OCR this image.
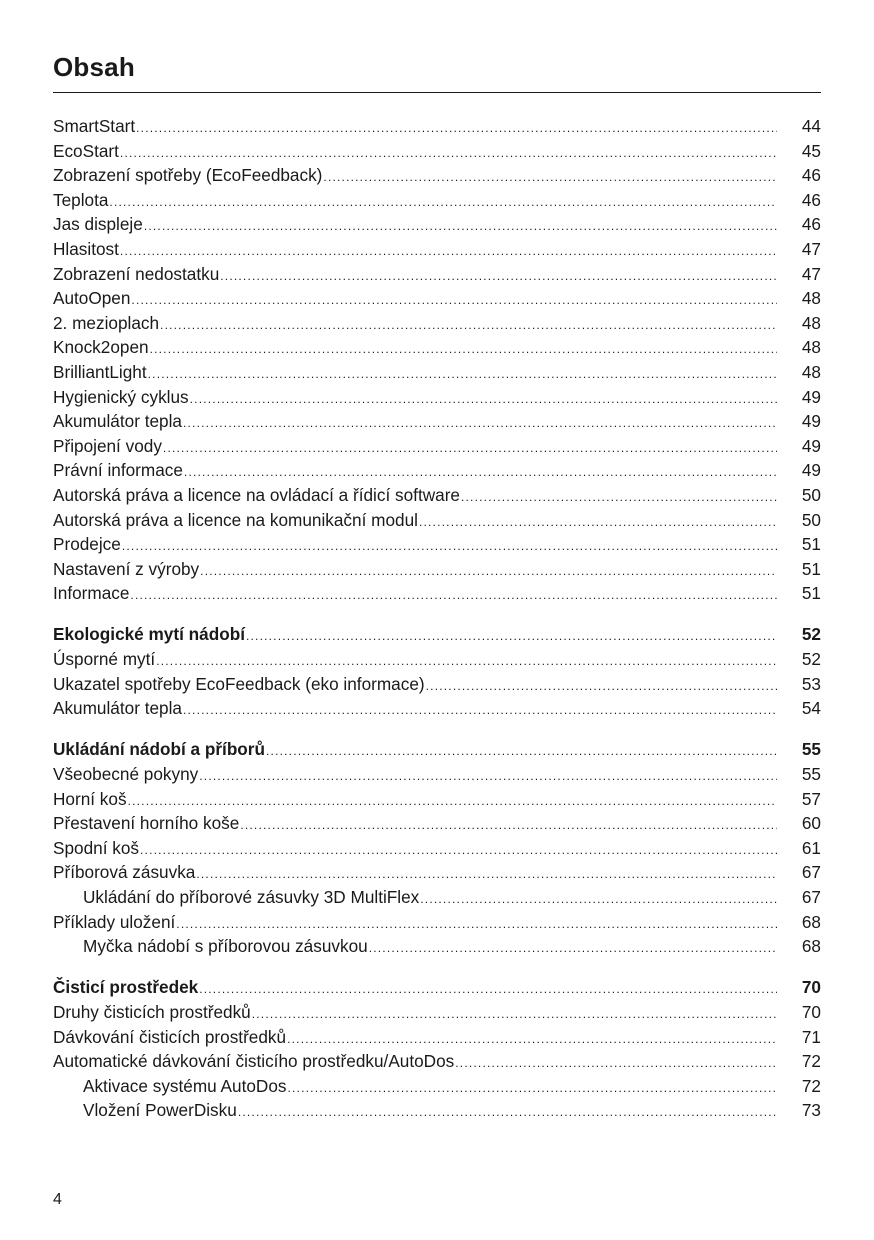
Obsah
SmartStart .....	44
EcoStart .....	45
Zobrazení spotřeby (EcoFeedback) .....	46
Teplota .....	46
Jas displeje .....	46
Hlasitost .....	47
Zobrazení nedostatku .....	47
AutoOpen .....	48
2. mezioplach .....	48
Knock2open .....	48
BrilliantLight .....	48
Hygienický cyklus .....	49
Akumulátor tepla .....	49
Připojení vody .....	49
Právní informace .....	49
Autorská práva a licence na ovládací a řídicí software .....	50
Autorská práva a licence na komunikační modul .....	50
Prodejce .....	51
Nastavení z výroby .....	51
Informace .....	51
Ekologické mytí nádobí .....	52
Úsporné mytí .....	52
Ukazatel spotřeby EcoFeedback (eko informace) .....	53
Akumulátor tepla .....	54
Ukládání nádobí a příborů .....	55
Všeobecné pokyny .....	55
Horní koš .....	57
Přestavení horního koše .....	60
Spodní koš .....	61
Příborová zásuvka .....	67
Ukládání do příborové zásuvky 3D MultiFlex .....	67
Příklady uložení .....	68
Myčka nádobí s příborovou zásuvkou .....	68
Čisticí prostředek .....	70
Druhy čisticích prostředků .....	70
Dávkování čisticích prostředků .....	71
Automatické dávkování čisticího prostředku/AutoDos .....	72
Aktivace systému AutoDos .....	72
Vložení PowerDisku .....	73
4
